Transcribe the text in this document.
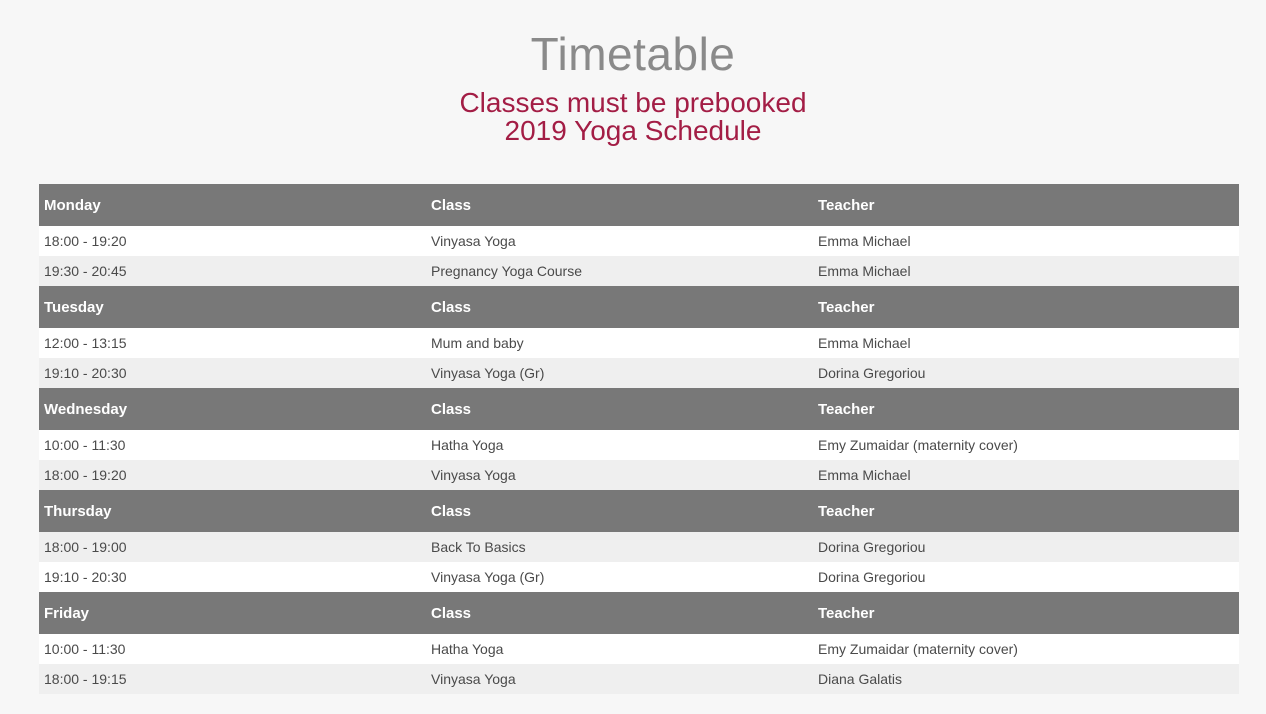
Timetable
Classes must be prebooked
2019 Yoga Schedule
Monday	Class	Teacher
18:00 - 19:20	Vinyasa Yoga	Emma Michael
19:30 - 20:45	Pregnancy Yoga Course	Emma Michael
Tuesday	Class	Teacher
12:00 - 13:15	Mum and baby	Emma Michael
19:10 - 20:30	Vinyasa Yoga (Gr)	Dorina Gregoriou
Wednesday	Class	Teacher
10:00 - 11:30	Hatha Yoga	Emy Zumaidar (maternity cover)
18:00 - 19:20	Vinyasa Yoga	Emma Michael
Thursday	Class	Teacher
18:00 - 19:00	Back To Basics	Dorina Gregoriou
19:10 - 20:30	Vinyasa Yoga (Gr)	Dorina Gregoriou
Friday	Class	Teacher
10:00 - 11:30	Hatha Yoga	Emy Zumaidar (maternity cover)
18:00 - 19:15	Vinyasa Yoga	Diana Galatis
